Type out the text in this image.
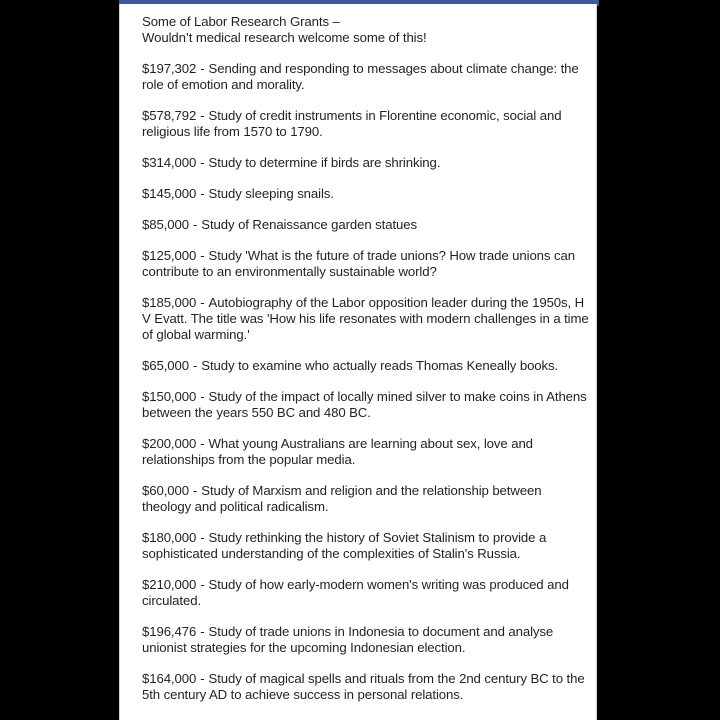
Some of Labor Research Grants –
Wouldn’t medical research welcome some of this!
$197,302 - Sending and responding to messages about climate change: the role of emotion and morality.
$578,792 - Study of credit instruments in Florentine economic, social and religious life from 1570 to 1790.
$314,000 - Study to determine if birds are shrinking.
$145,000 - Study sleeping snails.
$85,000 - Study of Renaissance garden statues
$125,000 - Study 'What is the future of trade unions? How trade unions can contribute to an environmentally sustainable world?
$185,000 - Autobiography of the Labor opposition leader during the 1950s, H V Evatt. The title was 'How his life resonates with modern challenges in a time of global warming.'
$65,000 - Study to examine who actually reads Thomas Keneally books.
$150,000 - Study of the impact of locally mined silver to make coins in Athens between the years 550 BC and 480 BC.
$200,000 - What young Australians are learning about sex, love and relationships from the popular media.
$60,000 - Study of Marxism and religion and the relationship between theology and political radicalism.
$180,000 - Study rethinking the history of Soviet Stalinism to provide a sophisticated understanding of the complexities of Stalin's Russia.
$210,000 - Study of how early-modern women's writing was produced and circulated.
$196,476 - Study of trade unions in Indonesia to document and analyse unionist strategies for the upcoming Indonesian election.
$164,000 - Study of magical spells and rituals from the 2nd century BC to the 5th century AD to achieve success in personal relations.
